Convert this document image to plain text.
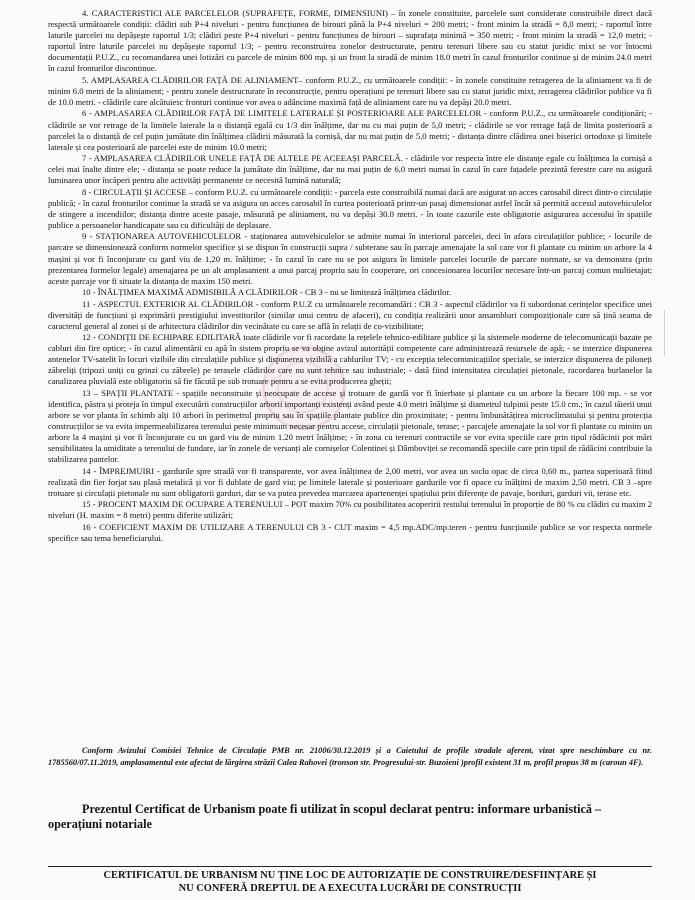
4. CARACTERISTICI ALE PARCELELOR (SUPRAFEȚE, FORME, DIMENSIUNI) – în zonele constituite, parcelele sunt considerate construibile direct dacă respectă următoarele condiții: clădiri sub P+4 niveluri - pentru funcțiunea de birouri până la P+4 niveluri = 200 metri; - front minim la stradă = 8,0 metri; - raportul între laturile parcelei nu depășește raportul 1/3; clădiri peste P+4 niveluri - pentru funcțiunea de birouri – suprafața minimă = 350 metri; - front minim la stradă = 12,0 metri; - raportul între laturile parcelei nu depășește raportul 1/3; - pentru reconstruirea zonelor destructurate, pentru terenuri libere sau cu statut juridic mixt se vor întocmi documentații P.U.Z., cu recomandarea unei lotizări cu parcele de minim 800 mp. și un front la stradă de minim 18.0 metri în cazul fronturilor continue și de minim 24.0 metri în cazul fronturilor discontinue.

5. AMPLASAREA CLĂDIRILOR FAȚĂ DE ALINIAMENT– conform P.U.Z., cu următoarele condiții: - în zonele constituite retragerea de la aliniament va fi de minim 6.0 metri de la aliniament; - pentru zonele destructurate în reconstrucție, pentru operațiuni pe terenuri libere sau cu statut juridic mixt, retragerea clădirilor publice va fi de 10.0 metri. - clădirile care alcătuiesc fronturi continue vor avea o adâncime maximă față de aliniament care nu va depăși 20.0 metri.

6 - AMPLASAREA CLĂDIRILOR FAȚĂ DE LIMITELE LATERALE ȘI POSTERIOARE ALE PARCELELOR - conform P.U.Z., cu următoarele condiționări; - clădirile se vor retrage de la limitele laterale la o distanță egală cu 1/3 din înălțime, dar nu cu mai puțin de 5,0 metri; - clădirile se vor retrage față de limita posterioară a parcelei la o distanță de cel puțin jumătate din înălțimea clădirii măsurată la cornișă, dar nu mai puțin de 5,0 metri; - distanța dintre clădirea unei biserici ortodoxe și limitele laterale și cea posterioară ale parcelei este de minim 10.0 metri;

7 - AMPLASAREA CLĂDIRILOR UNELE FAȚĂ DE ALTELE PE ACEEAȘI PARCELĂ. - clădirile vor respecta între ele distanțe egale cu înălțimea la cornișă a celei mai înalte dintre ele; - distanța se poate reduce la jumătate din înălțime, dar nu mai puțin de 6,0 metri numai în cazul în care fațadele prezintă ferestre care nu asigură luminarea unor încăperi pentru alte activități permanente ce necesită lumină naturală;

8 - CIRCULAȚII ȘI ACCESE – conform P.U.Z. cu următoarele condiții: - parcela este construibilă numai dacă are asigurat un acces carosabil direct dintr-o circulație publică; - în cazul fronturilor continue la stradă se va asigura un acces carosabil în curtea posterioară printr-un pasaj dimensionat astfel încât să permită accesul autovehiculelor de stingere a incendiilor; distanța dintre aceste pasaje, măsurată pe aliniament, nu va depăși 30.0 metri. - în toate cazurile este obligatorie asigurarea accesului în spațiile publice a persoanelor handicapate sau cu dificultăți de deplasare.

9 - STAȚIONAREA AUTOVEHICULELOR - staționarea autovehiculelor se admite numai în interiorul parcelei, deci în afara circulațiilor publice; - locurile de parcare se dimensionează conform normelor specifice și se dispun în construcții supra / subterane sau în parcaje amenajate la sol care vor fi plantate cu minim un arbore la 4 mașini și vor fi înconjurate cu gard viu de 1,20 m. înălțime; - în cazul în care nu se pot asigura în limitele parcelei locurile de parcare normate, se va demonstra (prin prezentarea formelor legale) amenajarea pe un alt amplasament a unui parcaj propriu sau în cooperare, ori concesionarea locurilor necesare într-un parcaj comun multietajat; aceste parcaje vor fi situate la distanța de maxim 150 metri.

10 - ÎNĂLȚIMEA MAXIMĂ ADMISIBILĂ A CLĂDIRILOR - CB 3 - nu se limitează înălțimea clădirilor.

11 - ASPECTUL EXTERIOR AL CLĂDIRILOR - conform P.U.Z cu următoarele recomandări : CB 3 - aspectul clădirilor va fi subordonat cerințelor specifice unei diversități de funcțiuni și exprimării prestigiului investitorilor (similar unui centru de afaceri), cu condiția realizării unor ansambluri compoziționale care să țină seama de caracterul general al zonei și de arhitectura clădirilor din vecinătate cu care se află în relații de co-vizibilitate;

12 - CONDIȚII DE ECHIPARE EDILITARĂ toate clădirile vor fi racordate la rețelele tehnico-edilitare publice și la sistemele moderne de telecomunicații bazate pe cabluri din fire optice; - în cazul alimentării cu apă în sistem propriu se va obține avizul autorității competente care administrează resursele de apă; - se interzice dispunerea antenelor TV-satelit în locuri vizibile din circulațiile publice și dispunerea vizibilă a cablurilor TV; - cu excepția telecomunicațiilor speciale, se interzice dispunerea de piloneți zăbreliți (tripozi uniți cu grinzi cu zăbrele) pe terasele clădirilor care nu sunt tehnice sau industriale; - dată fiind intensitatea circulației pietonale, racordarea burlanelor la canalizarea pluvială este obligatoriu să fie făcută pe sub trotuare pentru a se evita producerea gheții;

13 – SPAȚII PLANTATE - spațiile neconstruite și neocupate de accese și trotuare de gardă vor fi înierbate și plantate cu un arbore la fiecare 100 mp. - se vor identifica, păstra și proteja în timpul executării construcțiilor arborii importanți existenți având peste 4.0 metri înălțime și diametrul tulpinii peste 15.0 cm.; în cazul tăierii unui arbore se vor planta în schimb alți 10 arbori în perimetrul propriu sau în spațiile plantate publice din proximitate; - pentru îmbunătățirea microclimatului și pentru protecția construcțiilor se va evita impermeabilizarea terenului peste minimum necesar pentru accese, circulații pietonale, terase; - parcajele amenajate la sol vor fi plantate cu minim un arbore la 4 mașini și vor fi înconjurate cu un gard viu de minim 1.20 metri înălțime; - în zona cu terenuri contractile se vor evita speciile care prin tipul rădăcinii pot mări sensibilitatea la umiditate a terenului de fundare, iar în zonele de versanți ale cornișelor Colentinei și Dâmboviței se recomandă speciile care prin tipul de rădăcini contribuie la stabilizarea pantelor.

14 - ÎMPREJMUIRI - gardurile spre stradă vor fi transparente, vor avea înălțimea de 2,00 metri, vor avea un soclu opac de circa 0,60 m., partea superioară fiind realizată din fier forjat sau plasă metalică și vor fi dublate de gard viu; pe limitele laterale și posterioare gardurile vor fi opace cu înălțimi de maxim 2,50 metri. CB 3 –spre trotuare și circulații pietonale nu sunt obligatorii garduri, dar se va putea prevedea marcarea apartenenței spațiului prin diferențe de pavaje, borduri, garduri vii, terase etc.

15 - PROCENT MAXIM DE OCUPARE A TERENULUI – POT maxim 70% cu posibilitatea acoperirii restului terenului în proporție de 80 % cu clădiri cu maxim 2 niveluri (H. maxim = 8 metri) pentru diferite utilizări;

16 - COEFICIENT MAXIM DE UTILIZARE A TERENULUI CB 3 - CUT maxim = 4,5 mp.ADC/mp.teren - pentru funcțiunile publice se vor respecta normele specifice sau tema beneficiarului.

Conform Avizului Comisiei Tehnice de Circulație PMB nr. 21006/30.12.2019 și a Caietului de profile stradale aferent, vizat spre neschimbare cu nr. 1785560/07.11.2019, amplasamentul este afectat de lărgirea străzii Calea Rahovei (tronson str. Progresului-str. Buzoieni )profil existent 31 m, profil propus 38 m (caroun 4F).

Prezentul Certificat de Urbanism poate fi utilizat în scopul declarat pentru: informare urbanistică – operațiuni notariale

CERTIFICATUL DE URBANISM NU ȚINE LOC DE AUTORIZAȚIE DE CONSTRUIRE/DESFIINȚARE ȘI
NU CONFERĂ DREPTUL DE A EXECUTA LUCRĂRI DE CONSTRUCȚII
